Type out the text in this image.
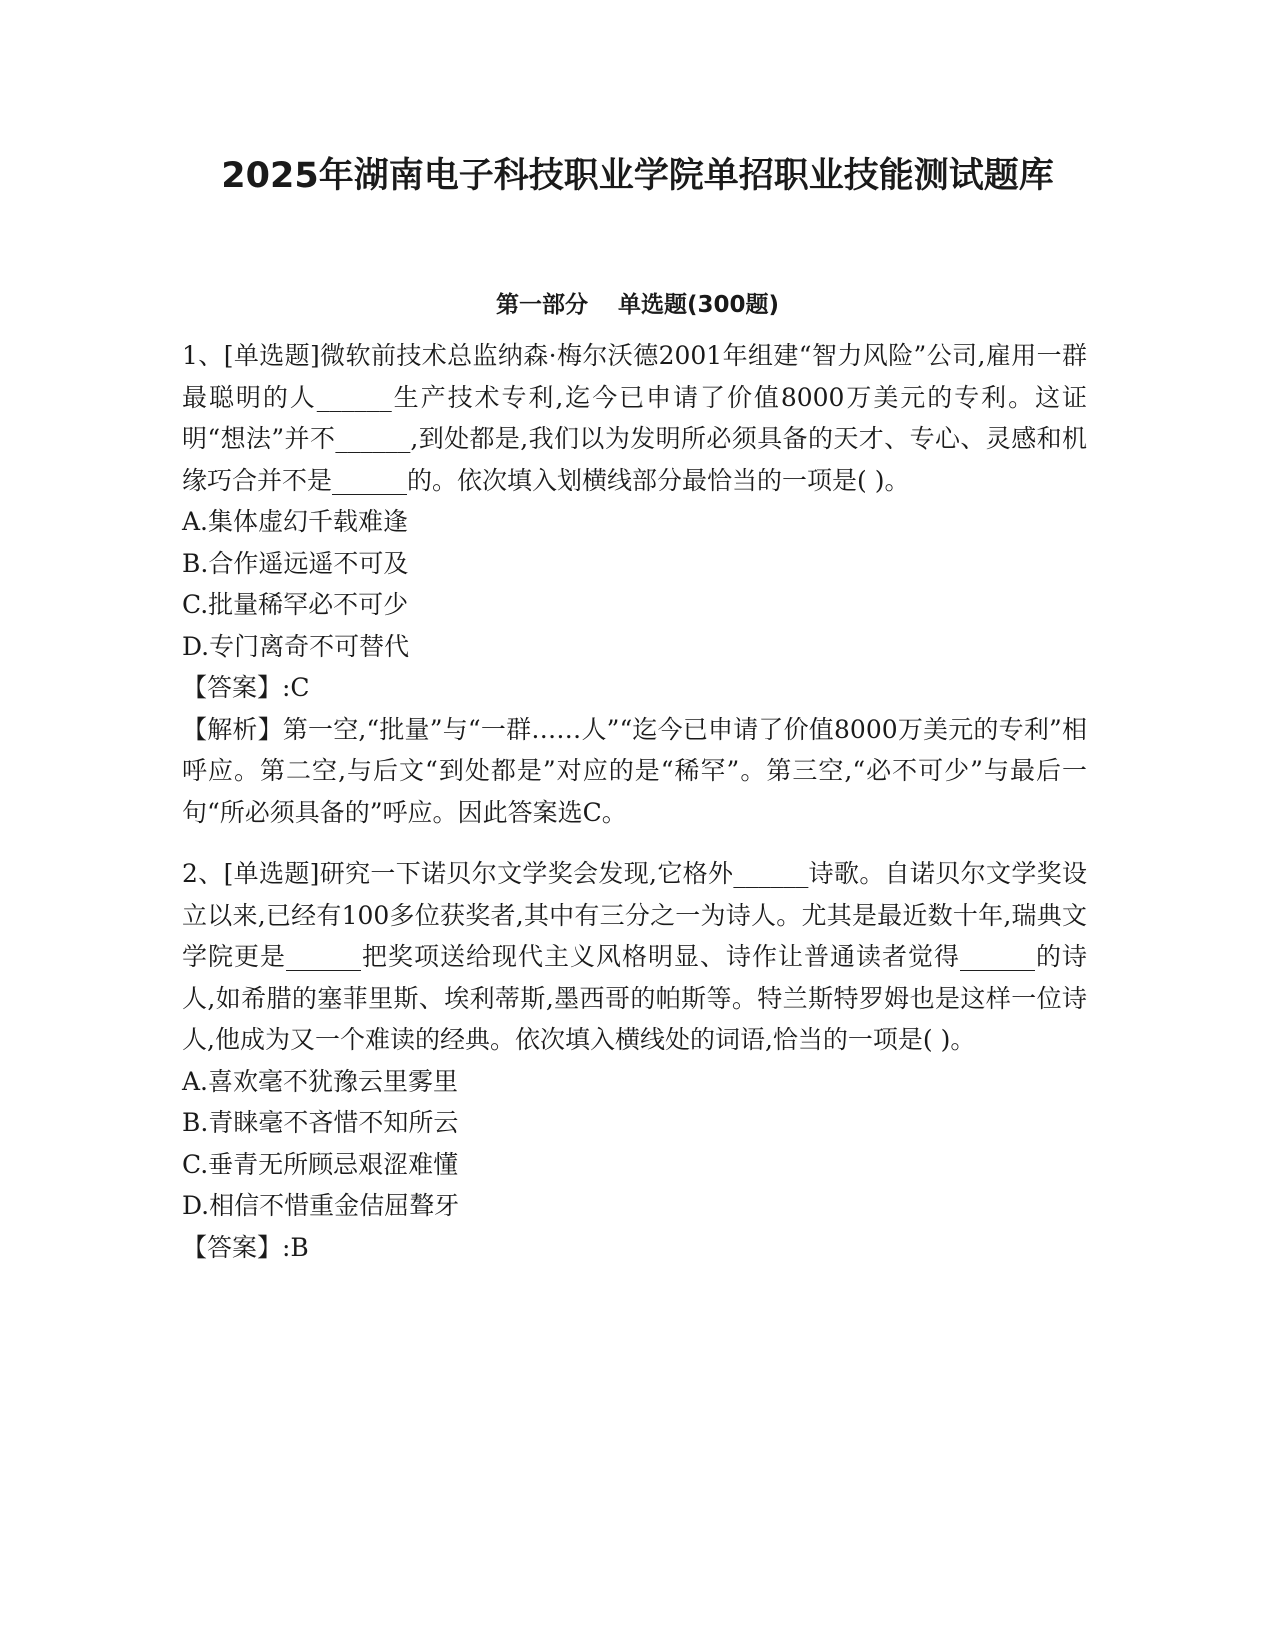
2025年湖南电子科技职业学院单招职业技能测试题库
第一部分 单选题(300题)

1、[单选题]微软前技术总监纳森·梅尔沃德2001年组建“智力风险”公司,雇用一群最聪明的人______生产技术专利,迄今已申请了价值8000万美元的专利。这证明“想法”并不______,到处都是,我们以为发明所必须具备的天才、专心、灵感和机缘巧合并不是______的。依次填入划横线部分最恰当的一项是( )。

A.集体虚幻千载难逢

B.合作遥远遥不可及

C.批量稀罕必不可少

D.专门离奇不可替代

【答案】:C

【解析】第一空,“批量”与“一群……人”“迄今已申请了价值8000万美元的专利”相呼应。第二空,与后文“到处都是”对应的是“稀罕”。第三空,“必不可少”与最后一句“所必须具备的”呼应。因此答案选C。

2、[单选题]研究一下诺贝尔文学奖会发现,它格外______诗歌。自诺贝尔文学奖设立以来,已经有100多位获奖者,其中有三分之一为诗人。尤其是最近数十年,瑞典文学院更是______把奖项送给现代主义风格明显、诗作让普通读者觉得______的诗人,如希腊的塞菲里斯、埃利蒂斯,墨西哥的帕斯等。特兰斯特罗姆也是这样一位诗人,他成为又一个难读的经典。依次填入横线处的词语,恰当的一项是( )。

A.喜欢毫不犹豫云里雾里

B.青睐毫不吝惜不知所云

C.垂青无所顾忌艰涩难懂

D.相信不惜重金佶屈聱牙

【答案】:B
